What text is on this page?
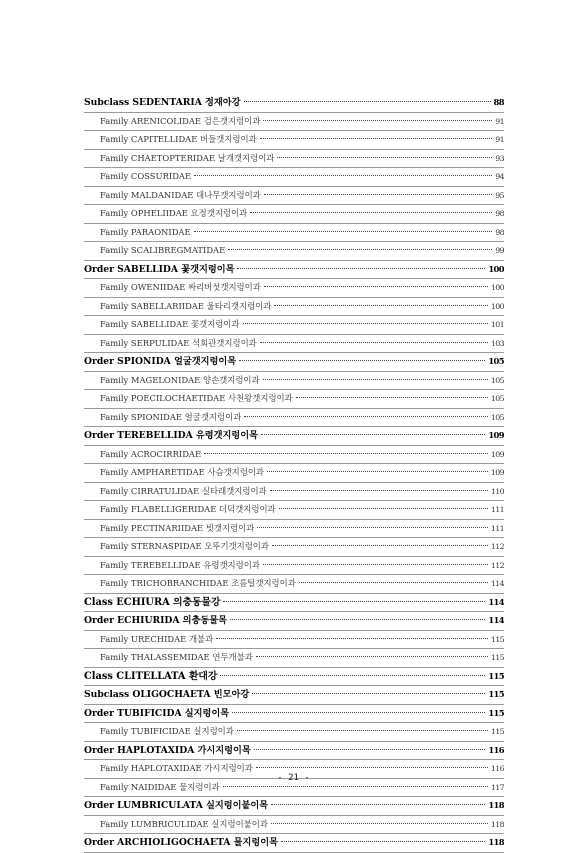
Subclass SEDENTARIA 정재아강	88
Family ARENICOLIDAE 검은갯지렁이과	91
Family CAPITELLIDAE 버들갯지렁이과	91
Family CHAETOPTERIDAE 날개갯지렁이과	93
Family COSSURIDAE	94
Family MALDANIDAE 대나무갯지렁이과	95
Family OPHELIIDAE 요정갯지렁이과	98
Family PARAONIDAE	98
Family SCALIBREGMATIDAE	99
Order SABELLIDA 꽃갯지렁이목	100
Family OWENIIDAE 싸리버섯갯지렁이과	100
Family SABELLARIIDAE 울타리갯지렁이과	100
Family SABELLIDAE 꽃갯지렁이과	101
Family SERPULIDAE 석회관갯지렁이과	103
Order SPIONIDA 얼굴갯지렁이목	105
Family MAGELONIDAE 양손갯지렁이과	105
Family POECILOCHAETIDAE 사천왕갯지렁이과	105
Family SPIONIDAE 얼굴갯지렁이과	105
Order TEREBELLIDA 유령갯지렁이목	109
Family ACROCIRRIDAE	109
Family AMPHARETIDAE 사슴갯지렁이과	109
Family CIRRATULIDAE 실타래갯지렁이과	110
Family FLABELLIGERIDAE 더덕갯지렁이과	111
Family PECTINARIIDAE 빗갯지렁이과	111
Family STERNASPIDAE 오뚜기갯지렁이과	112
Family TEREBELLIDAE 유령갯지렁이과	112
Family TRICHOBRANCHIDAE 조름털갯지렁이과	114
Class ECHIURA 의충동물강	114
Order ECHIURIDA 의충동물목	114
Family URECHIDAE 개불과	115
Family THALASSEMIDAE 연두개불과	115
Class CLITELLATA 환대강	115
Subclass OLIGOCHAETA 빈모아강	115
Order TUBIFICIDA 실지렁이목	115
Family TUBIFICIDAE 실지렁이과	115
Order HAPLOTAXIDA 가시지렁이목	116
Family HAPLOTAXIDAE 가시지렁이과	116
Family NAIDIDAE 물지렁이과	117
Order LUMBRICULATA 실지렁이붙이목	118
Family LUMBRICULIDAE 실지렁이붙이과	118
Order ARCHIOLIGOCHAETA 물지렁이목	118
- 21 -
